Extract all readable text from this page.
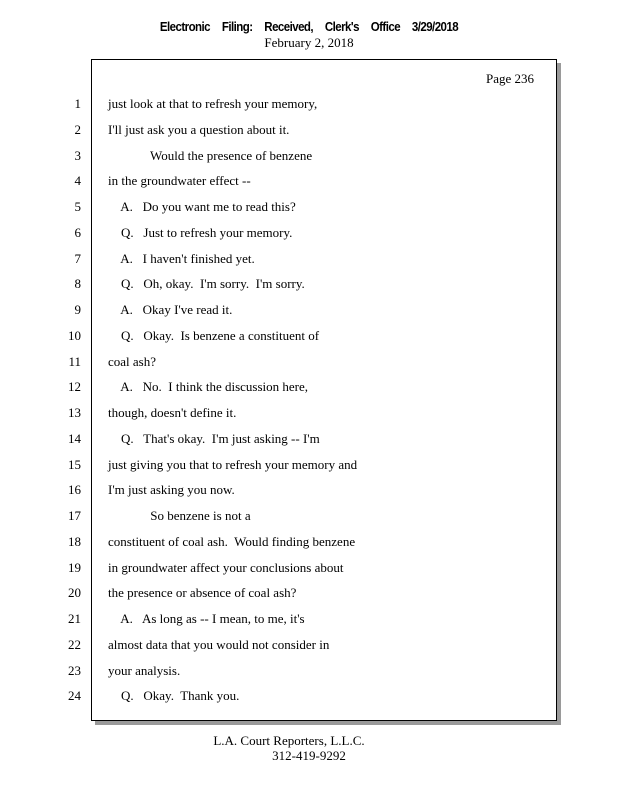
Electronic Filing: Received, Clerk's Office 3/29/2018
February 2, 2018
Page 236
1 just look at that to refresh your memory,
2 I'll just ask you a question about it.
3 Would the presence of benzene
4 in the groundwater effect --
5 A.   Do you want me to read this?
6 Q.   Just to refresh your memory.
7 A.   I haven't finished yet.
8 Q.   Oh, okay.  I'm sorry.  I'm sorry.
9 A.   Okay I've read it.
10 Q.   Okay.  Is benzene a constituent of
11 coal ash?
12 A.   No.  I think the discussion here,
13 though, doesn't define it.
14 Q.   That's okay.  I'm just asking -- I'm
15 just giving you that to refresh your memory and
16 I'm just asking you now.
17 So benzene is not a
18 constituent of coal ash.  Would finding benzene
19 in groundwater affect your conclusions about
20 the presence or absence of coal ash?
21 A.   As long as -- I mean, to me, it's
22 almost data that you would not consider in
23 your analysis.
24 Q.   Okay.  Thank you.
L.A. Court Reporters, L.L.C.
312-419-9292
